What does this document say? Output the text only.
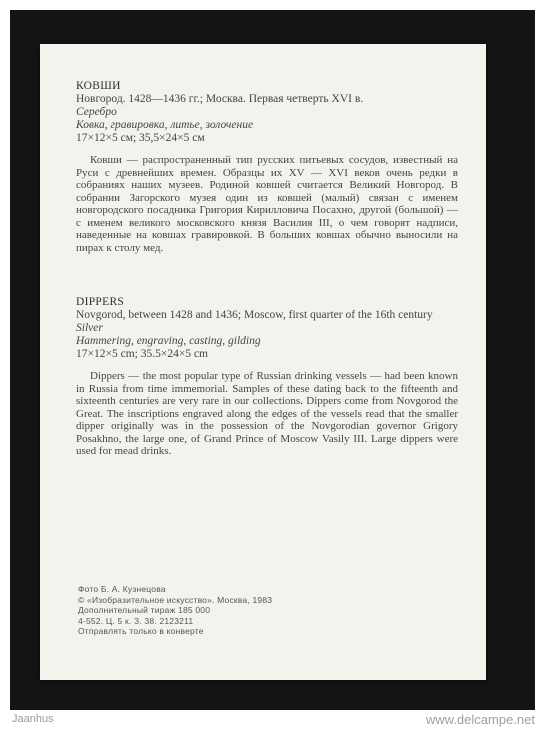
КОВШИ
Новгород. 1428—1436 гг.; Москва. Первая четверть XVI в.
Серебро
Ковка, гравировка, литье, золочение
17×12×5 см; 35,5×24×5 см
Ковши — распространенный тип русских питьевых сосудов, известный на Руси с древнейших времен. Образцы их XV — XVI веков очень редки в собраниях наших музеев. Родиной ковшей считается Великий Новгород. В собрании Загорского музея один из ковшей (малый) связан с именем новгородского посадника Григория Кирилловича Посахно, другой (большой) — с именем великого московского князя Василия III, о чем говорят надписи, наведенные на ковшах гравировкой. В больших ковшах обычно выносили на пирах к столу мед.
DIPPERS
Novgorod, between 1428 and 1436; Moscow, first quarter of the 16th century
Silver
Hammering, engraving, casting, gilding
17×12×5 cm; 35.5×24×5 cm
Dippers — the most popular type of Russian drinking vessels — had been known in Russia from time immemorial. Samples of these dating back to the fifteenth and sixteenth centuries are very rare in our collections. Dippers come from Novgorod the Great. The inscriptions engraved along the edges of the vessels read that the smaller dipper originally was in the possession of the Novgorodian governor Grigory Posakhno, the large one, of Grand Prince of Moscow Vasily III. Large dippers were used for mead drinks.
Фото Б. А. Кузнецова
© «Изобразительное искусство». Москва, 1983
Дополнительный тираж 185 000
4-552. Ц. 5 к. З. 38. 2123211
Отправлять только в конверте
Jaanhus	www.delcampe.net
